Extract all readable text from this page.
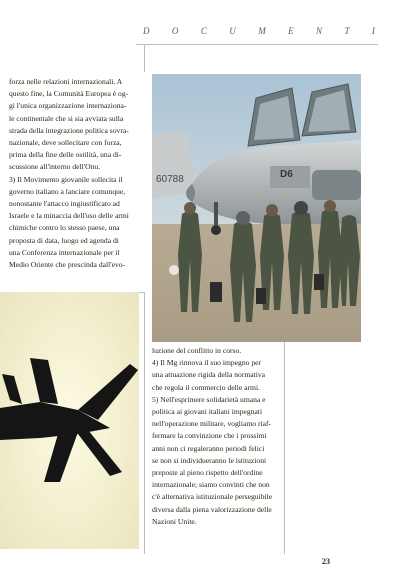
D O C U M E N T I

forza nelle relazioni internazionali. A

questo fine, la Comunità Europea è og-

gi l'unica organizzazione internaziona-

le continentale che si sia avviata sulla

strada della integrazione politica sovra-

nazionale, deve sollecitare con forza,

prima della fine delle ostilità, una di-

scussione all'interno dell'Onu.

3) Il Movimento giovanile sollecita il

governo italiano a lanciare comunque,

nonostante l'attacco ingiustificato ad

Israele e la minaccia dell'uso delle armi

chimiche contro lo stesso paese, una

proposta di data, luogo ed agenda di

una Conferenza internazionale per il

Medio Oriente che prescinda dall'evo-

60788	D6

luzione del conflitto in corso.

4) Il Mg rinnova il suo impegno per

una attuazione rigida della normativa

che regola il commercio delle armi.

5) Nell'esprimere solidarietà umana e

politica ai giovani italiani impegnati

nell'operazione militare, vogliamo riaf-

fermare la convinzione che i prossimi

anni non ci regaleranno periodi felici

se non si individueranno le istituzioni

preposte al pieno rispetto dell'ordine

internazionale; siamo convinti che non

c'è alternativa istituzionale perseguibile

diversa dalla piena valorizzazione delle

Nazioni Unite.

23
